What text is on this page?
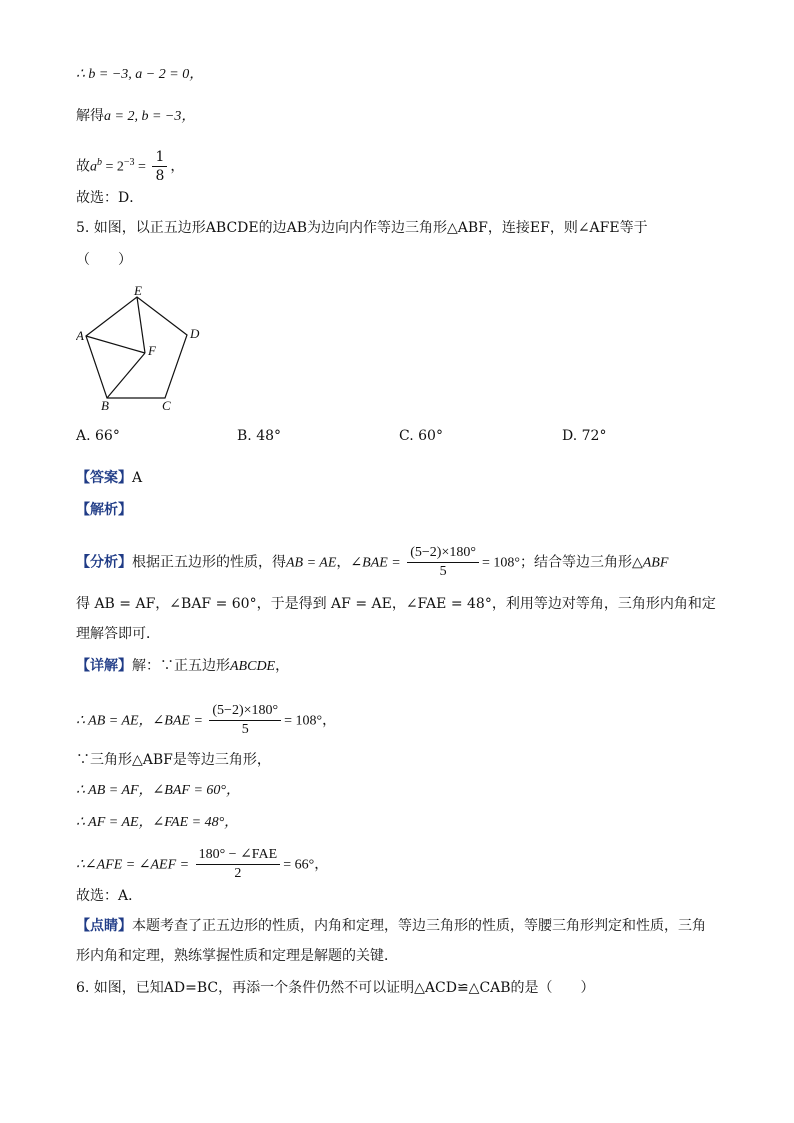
∴ b = −3, a − 2 = 0，
解得a = 2, b = −3，
故$a^b = 2^{-3} = \frac{1}{8}$ ，
故选：D．
5. 如图，以正五边形ABCDE的边AB为边向内作等边三角形△ABF，连接EF，则∠AFE等于
（　　）
E
A	D
F
B	C
A. 66°	B. 48°	C. 60°	D. 72°
【答案】A
【解析】
【分析】根据正五边形的性质，得AB = AE，∠BAE = $\frac{(5-2)\times 180^\circ}{5} = 108^\circ$；结合等边三角形△ABF
得 AB = AF，∠BAF = 60°，于是得到 AF = AE，∠FAE = 48°，利用等边对等角，三角形内角和定
理解答即可．
【详解】解：∵正五边形ABCDE，
∴ AB = AE，∠BAE = $\frac{(5-2)\times 180^\circ}{5} = 108^\circ$，
∵三角形△ABF是等边三角形，
∴ AB = AF，∠BAF = 60°，
∴ AF = AE，∠FAE = 48°，
∴∠AFE = ∠AEF = $\frac{\text{180° − ∠FAE}}{2} = 66^\circ$，
故选：A．
【点睛】本题考查了正五边形的性质，内角和定理，等边三角形的性质，等腰三角形判定和性质，三角
形内角和定理，熟练掌握性质和定理是解题的关键．
6. 如图，已知AD=BC，再添一个条件仍然不可以证明△ACD≌△CAB的是（　　）
